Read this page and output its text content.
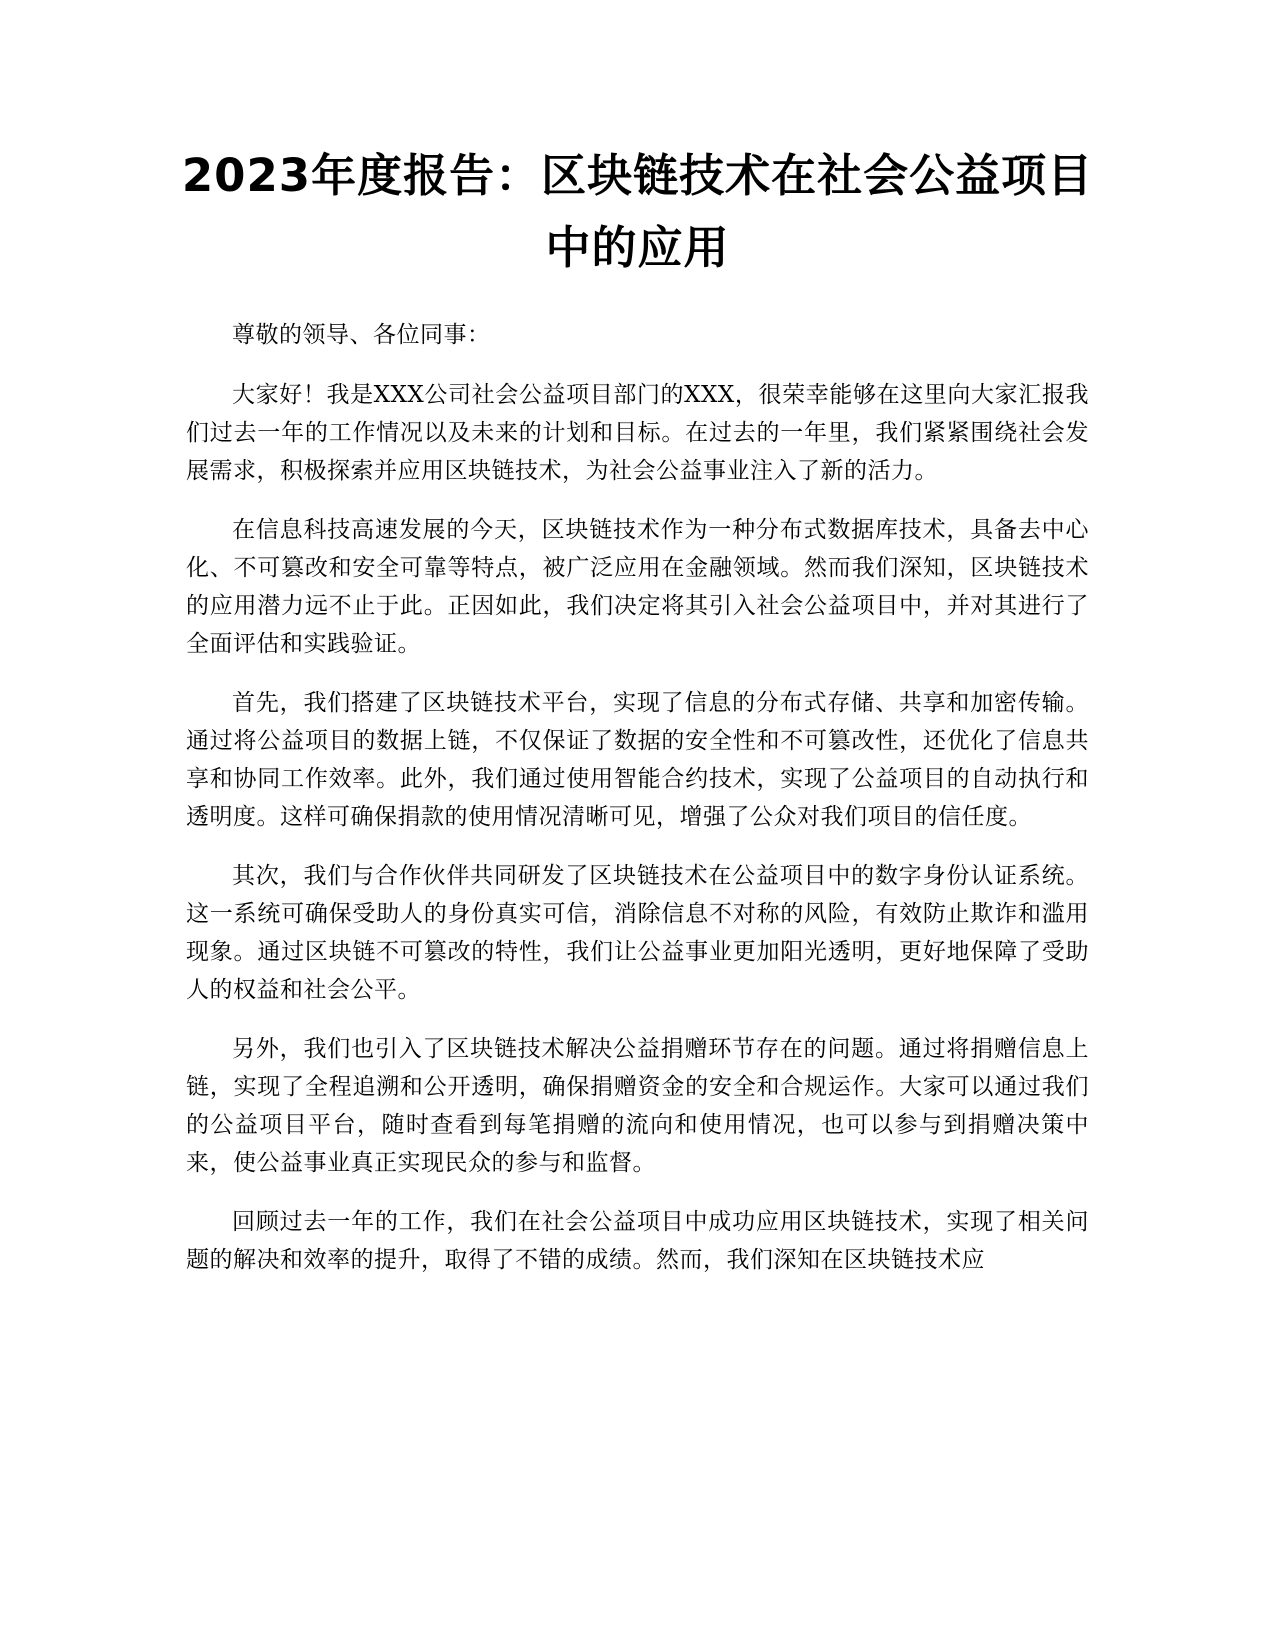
2023年度报告：区块链技术在社会公益项目
中的应用

尊敬的领导、各位同事：

大家好！我是XXX公司社会公益项目部门的XXX，很荣幸能够在这里向大家汇报我们过去一年的工作情况以及未来的计划和目标。在过去的一年里，我们紧紧围绕社会发展需求，积极探索并应用区块链技术，为社会公益事业注入了新的活力。

在信息科技高速发展的今天，区块链技术作为一种分布式数据库技术，具备去中心化、不可篡改和安全可靠等特点，被广泛应用在金融领域。然而我们深知，区块链技术的应用潜力远不止于此。正因如此，我们决定将其引入社会公益项目中，并对其进行了全面评估和实践验证。

首先，我们搭建了区块链技术平台，实现了信息的分布式存储、共享和加密传输。通过将公益项目的数据上链，不仅保证了数据的安全性和不可篡改性，还优化了信息共享和协同工作效率。此外，我们通过使用智能合约技术，实现了公益项目的自动执行和透明度。这样可确保捐款的使用情况清晰可见，增强了公众对我们项目的信任度。

其次，我们与合作伙伴共同研发了区块链技术在公益项目中的数字身份认证系统。这一系统可确保受助人的身份真实可信，消除信息不对称的风险，有效防止欺诈和滥用现象。通过区块链不可篡改的特性，我们让公益事业更加阳光透明，更好地保障了受助人的权益和社会公平。

另外，我们也引入了区块链技术解决公益捐赠环节存在的问题。通过将捐赠信息上链，实现了全程追溯和公开透明，确保捐赠资金的安全和合规运作。大家可以通过我们的公益项目平台，随时查看到每笔捐赠的流向和使用情况，也可以参与到捐赠决策中来，使公益事业真正实现民众的参与和监督。

回顾过去一年的工作，我们在社会公益项目中成功应用区块链技术，实现了相关问题的解决和效率的提升，取得了不错的成绩。然而，我们深知在区块链技术应
